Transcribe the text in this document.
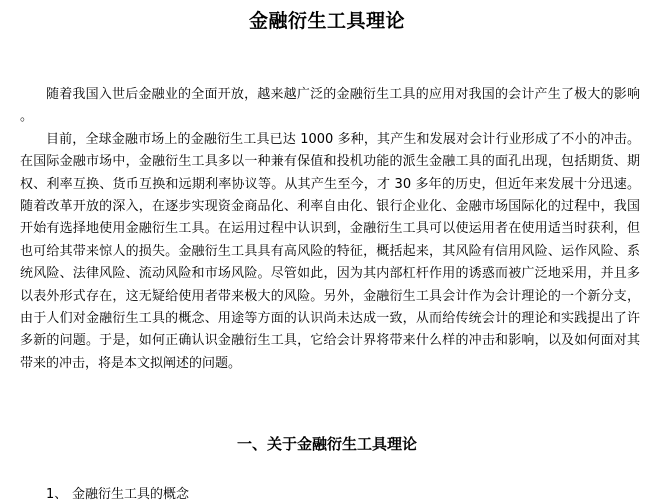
金融衍生工具理论

随着我国入世后金融业的全面开放，越来越广泛的金融衍生工具的应用对我国的会计产生了极大的影响 。

目前，全球金融市场上的金融衍生工具已达 1000 多种，其产生和发展对会计行业形成了不小的冲击。在国际金融市场中，金融衍生工具多以一种兼有保值和投机功能的派生金融工具的面孔出现，包括期货、期权、利率互换、货币互换和远期利率协议等。从其产生至今，才 30 多年的历史，但近年来发展十分迅速。随着改革开放的深入，在逐步实现资金商品化、利率自由化、银行企业化、金融市场国际化的过程中，我国开始有选择地使用金融衍生工具。在运用过程中认识到，金融衍生工具可以使运用者在使用适当时获利，但也可给其带来惊人的损失。金融衍生工具具有高风险的特征，概括起来，其风险有信用风险、运作风险、系统风险、法律风险、流动风险和市场风险。尽管如此，因为其内部杠杆作用的诱惑而被广泛地采用，并且多以表外形式存在，这无疑给使用者带来极大的风险。另外，金融衍生工具会计作为会计理论的一个新分支，由于人们对金融衍生工具的概念、用途等方面的认识尚未达成一致，从而给传统会计的理论和实践提出了许多新的问题。于是，如何正确认识金融衍生工具，它给会计界将带来什么样的冲击和影响，以及如何面对其带来的冲击，将是本文拟阐述的问题。

一、关于金融衍生工具理论
1、 金融衍生工具的概念
